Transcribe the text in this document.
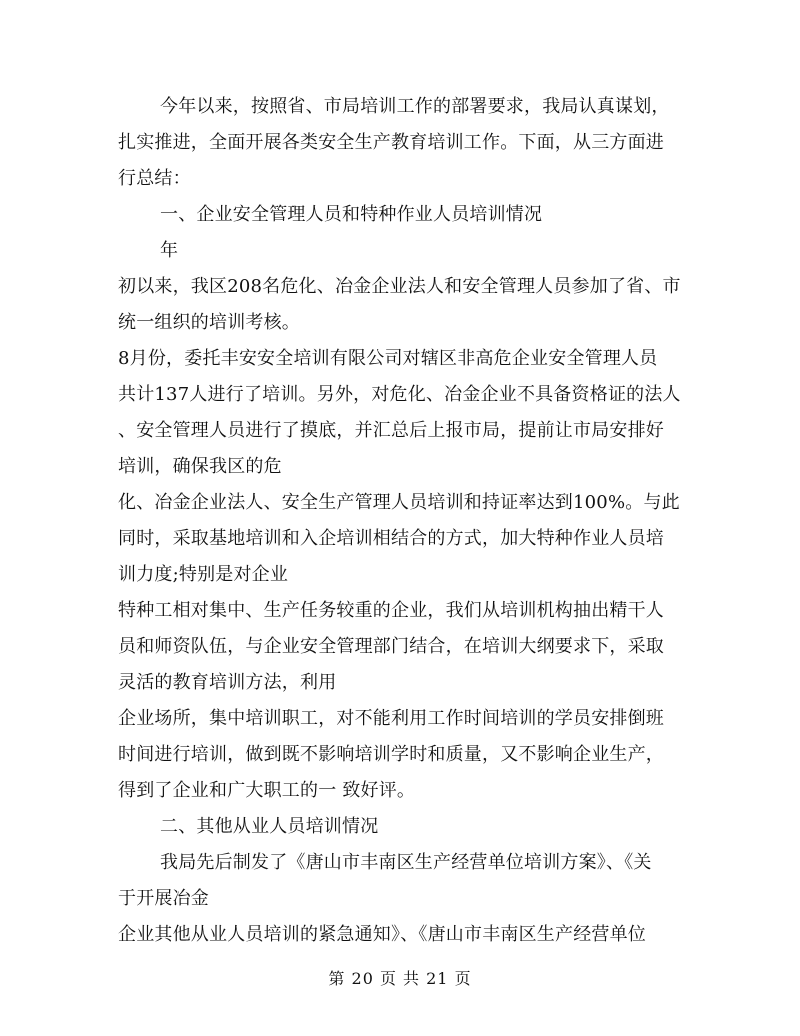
今年以来，按照省、市局培训工作的部署要求，我局认真谋划，
扎实推进，全面开展各类安全生产教育培训工作。下面，从三方面进
行总结：
一、企业安全管理人员和特种作业人员培训情况
年
初以来，我区208名危化、冶金企业法人和安全管理人员参加了省、市
统一组织的培训考核。
8月份，委托丰安安全培训有限公司对辖区非高危企业安全管理人员
共计137人进行了培训。另外，对危化、冶金企业不具备资格证的法人
、安全管理人员进行了摸底，并汇总后上报市局，提前让市局安排好
培训，确保我区的危
化、冶金企业法人、安全生产管理人员培训和持证率达到100%。与此
同时，采取基地培训和入企培训相结合的方式，加大特种作业人员培
训力度;特别是对企业
特种工相对集中、生产任务较重的企业，我们从培训机构抽出精干人
员和师资队伍，与企业安全管理部门结合，在培训大纲要求下，采取
灵活的教育培训方法，利用
企业场所，集中培训职工，对不能利用工作时间培训的学员安排倒班
时间进行培训，做到既不影响培训学时和质量，又不影响企业生产，
得到了企业和广大职工的一 致好评。
二、其他从业人员培训情况
我局先后制发了《唐山市丰南区生产经营单位培训方案》、《关
于开展冶金
企业其他从业人员培训的紧急通知》、《唐山市丰南区生产经营单位
第 20 页 共 21 页
